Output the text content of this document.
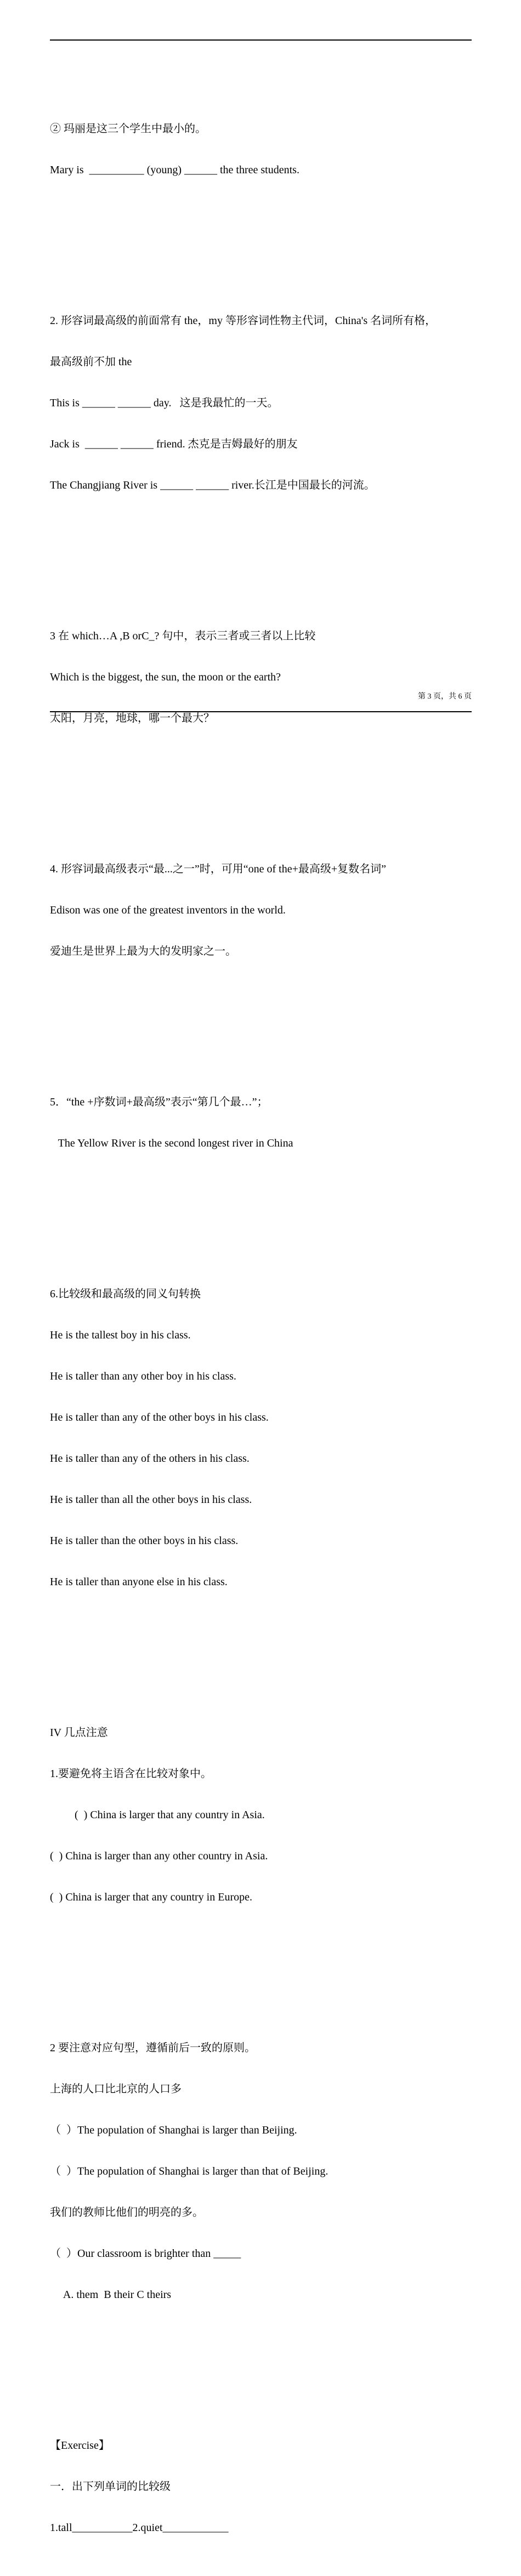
② 玛丽是这三个学生中最小的。

Mary is  __________ (young) ______ the three students.

2. 形容词最高级的前面常有 the，my 等形容词性物主代词，China's 名词所有格，

最高级前不加 the

This is ______ ______ day.   这是我最忙的一天。

Jack is  ______ ______ friend. 杰克是吉姆最好的朋友

The Changjiang River is ______ ______ river.长江是中国最长的河流。

3 在 which…A ,B orC_? 句中，表示三者或三者以上比较

Which is the biggest, the sun, the moon or the earth?

太阳，月亮，地球，哪一个最大？

4. 形容词最高级表示“最...之一”时，可用“one of the+最高级+复数名词”

Edison was one of the greatest inventors in the world.

爱迪生是世界上最为大的发明家之一。

5．“the +序数词+最高级”表示“第几个最…”；

The Yellow River is the second longest river in China

6.比较级和最高级的同义句转换

He is the tallest boy in his class.

He is taller than any other boy in his class.

He is taller than any of the other boys in his class.

He is taller than any of the others in his class.

He is taller than all the other boys in his class.

He is taller than the other boys in his class.

He is taller than anyone else in his class.

IV 几点注意

1.要避免将主语含在比较对象中。

(  ) China is larger that any country in Asia.

(  ) China is larger than any other country in Asia.

(  ) China is larger that any country in Europe.

2 要注意对应句型，遵循前后一致的原则。

上海的人口比北京的人口多

（  ）The population of Shanghai is larger than Beijing.

（  ）The population of Shanghai is larger than that of Beijing.

我们的教师比他们的明亮的多。

（  ）Our classroom is brighter than _____

A. them  B their C theirs

【Exercise】

一．出下列单词的比较级

1.tall___________2.quiet____________

第 3 页，共 6 页
